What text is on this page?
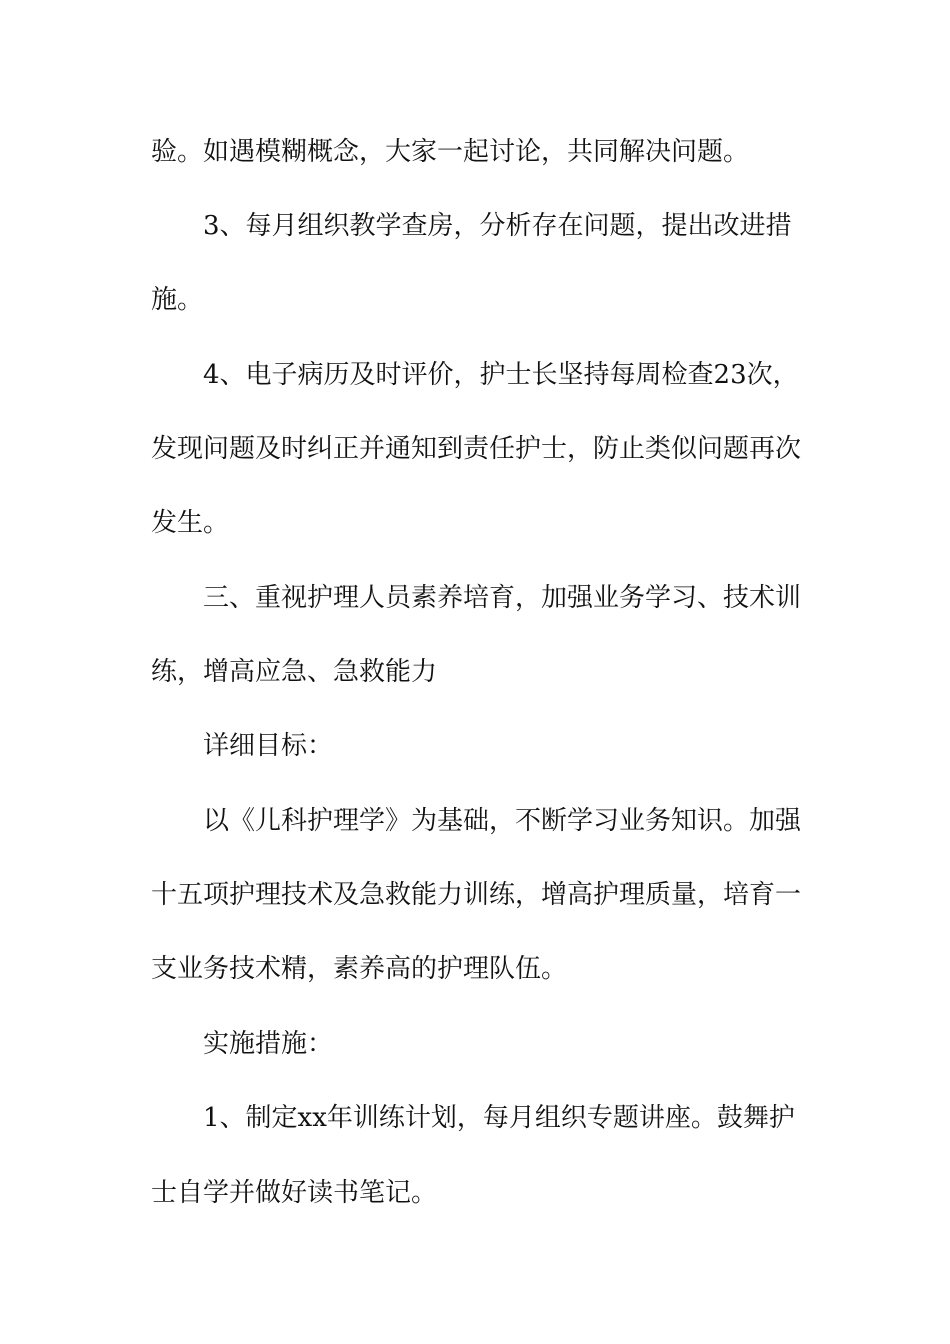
验。如遇模糊概念，大家一起讨论，共同解决问题。
3、每月组织教学查房，分析存在问题，提出改进措
施。
4、电子病历及时评价，护士长坚持每周检查23次，
发现问题及时纠正并通知到责任护士，防止类似问题再次
发生。
三、重视护理人员素养培育，加强业务学习、技术训
练，增高应急、急救能力
详细目标：
以《儿科护理学》为基础，不断学习业务知识。加强
十五项护理技术及急救能力训练，增高护理质量，培育一
支业务技术精，素养高的护理队伍。
实施措施：
1、制定xx年训练计划，每月组织专题讲座。鼓舞护
士自学并做好读书笔记。
